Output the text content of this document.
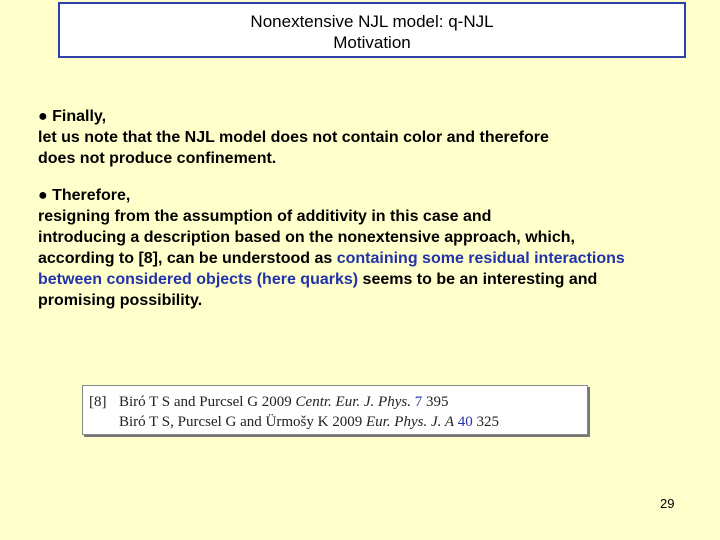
Nonextensive NJL model: q-NJL
Motivation

● Finally,
let us note that the NJL model does not contain color and therefore
does not produce confinement.

● Therefore,
resigning from the assumption of additivity in this case and
introducing a description based on the nonextensive approach, which,
according to [8], can be understood as containing some residual interactions
between considered objects (here quarks) seems to be an interesting and
promising possibility.

[8] Biró T S and Purcsel G 2009 Centr. Eur. J. Phys. 7 395
Biró T S, Purcsel G and Ürmošy K 2009 Eur. Phys. J. A 40 325
29
